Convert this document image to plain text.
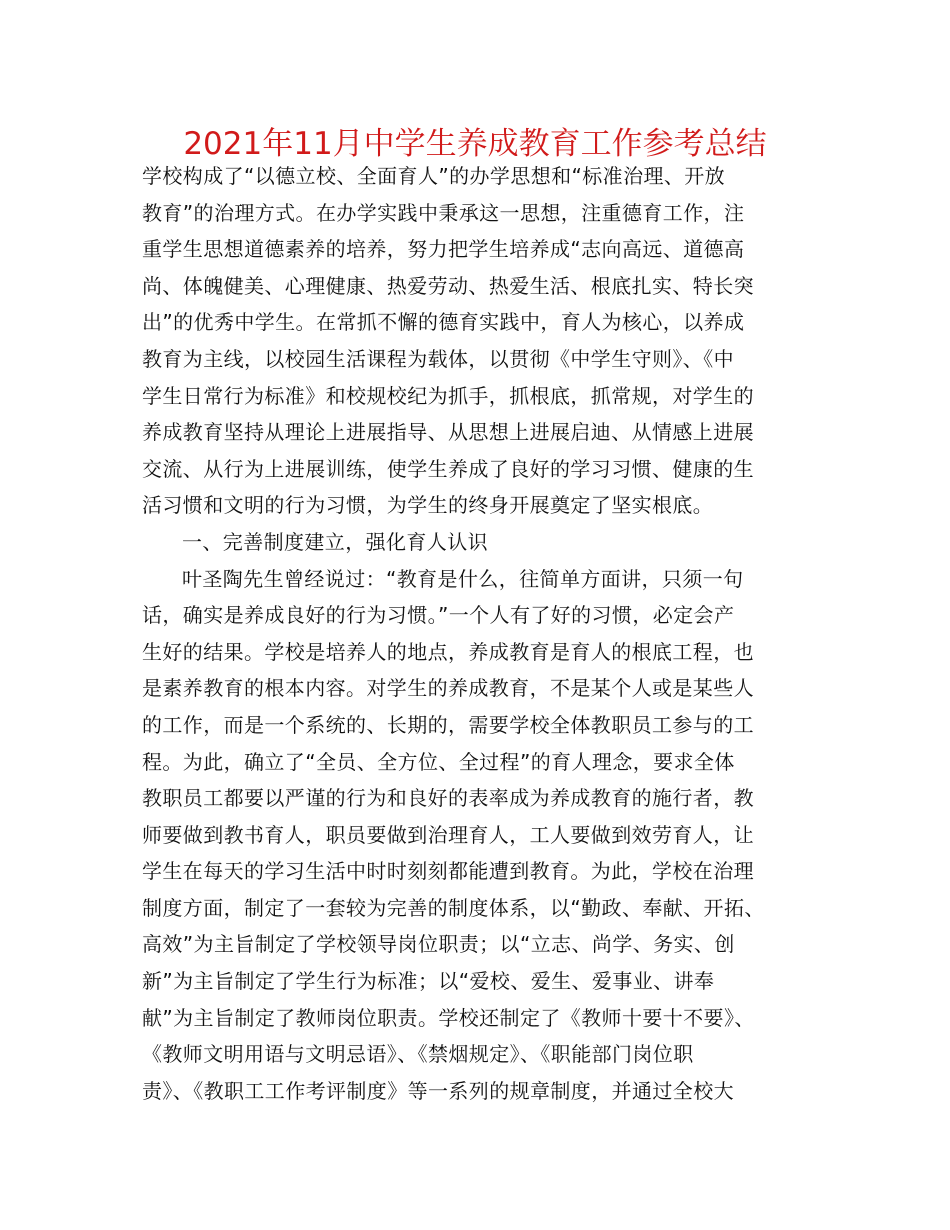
2021年11月中学生养成教育工作参考总结
学校构成了“以德立校、全面育人”的办学思想和“标准治理、开放
教育”的治理方式。在办学实践中秉承这一思想，注重德育工作，注
重学生思想道德素养的培养，努力把学生培养成“志向高远、道德高
尚、体魄健美、心理健康、热爱劳动、热爱生活、根底扎实、特长突
出”的优秀中学生。在常抓不懈的德育实践中，育人为核心，以养成
教育为主线，以校园生活课程为载体，以贯彻《中学生守则》、《中
学生日常行为标准》和校规校纪为抓手，抓根底，抓常规，对学生的
养成教育坚持从理论上进展指导、从思想上进展启迪、从情感上进展
交流、从行为上进展训练，使学生养成了良好的学习习惯、健康的生
活习惯和文明的行为习惯，为学生的终身开展奠定了坚实根底。
一、完善制度建立，强化育人认识
叶圣陶先生曾经说过：“教育是什么，往简单方面讲，只须一句
话，确实是养成良好的行为习惯。”一个人有了好的习惯，必定会产
生好的结果。学校是培养人的地点，养成教育是育人的根底工程，也
是素养教育的根本内容。对学生的养成教育，不是某个人或是某些人
的工作，而是一个系统的、长期的，需要学校全体教职员工参与的工
程。为此，确立了“全员、全方位、全过程”的育人理念，要求全体
教职员工都要以严谨的行为和良好的表率成为养成教育的施行者，教
师要做到教书育人，职员要做到治理育人，工人要做到效劳育人，让
学生在每天的学习生活中时时刻刻都能遭到教育。为此，学校在治理
制度方面，制定了一套较为完善的制度体系，以“勤政、奉献、开拓、
高效”为主旨制定了学校领导岗位职责；以“立志、尚学、务实、创
新”为主旨制定了学生行为标准；以“爱校、爱生、爱事业、讲奉
献”为主旨制定了教师岗位职责。学校还制定了《教师十要十不要》、
《教师文明用语与文明忌语》、《禁烟规定》、《职能部门岗位职
责》、《教职工工作考评制度》等一系列的规章制度，并通过全校大
